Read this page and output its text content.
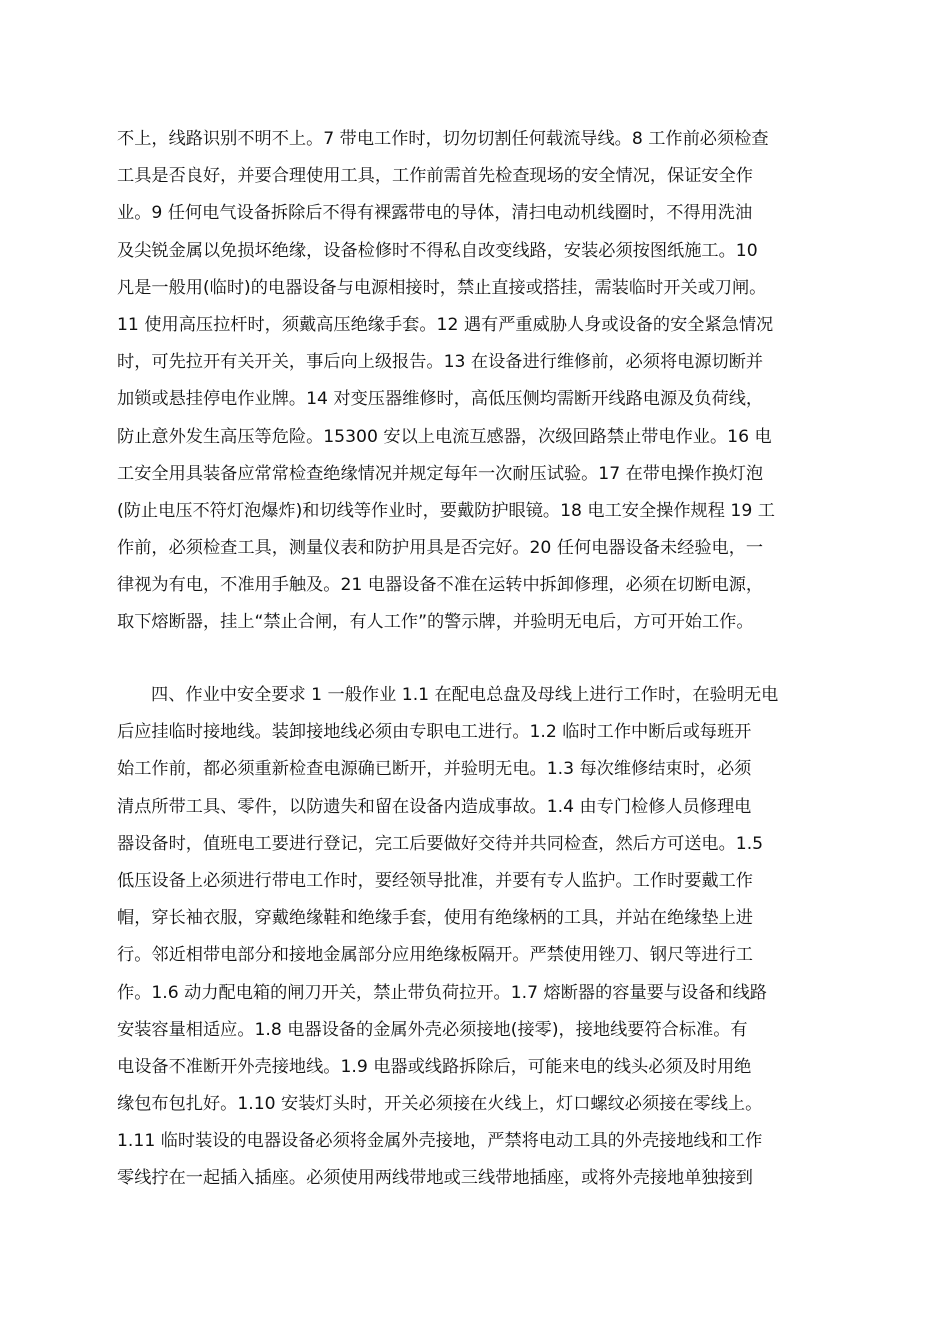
不上，线路识别不明不上。7 带电工作时，切勿切割任何载流导线。8 工作前必须检查
工具是否良好，并要合理使用工具，工作前需首先检查现场的安全情况，保证安全作
业。9 任何电气设备拆除后不得有裸露带电的导体，清扫电动机线圈时，不得用洗油
及尖锐金属以免损坏绝缘，设备检修时不得私自改变线路，安装必须按图纸施工。10
凡是一般用(临时)的电器设备与电源相接时，禁止直接或搭挂，需装临时开关或刀闸。
11 使用高压拉杆时，须戴高压绝缘手套。12 遇有严重威胁人身或设备的安全紧急情况
时，可先拉开有关开关，事后向上级报告。13 在设备进行维修前，必须将电源切断并
加锁或悬挂停电作业牌。14 对变压器维修时，高低压侧均需断开线路电源及负荷线，
防止意外发生高压等危险。15300 安以上电流互感器，次级回路禁止带电作业。16 电
工安全用具装备应常常检查绝缘情况并规定每年一次耐压试验。17 在带电操作换灯泡
(防止电压不符灯泡爆炸)和切线等作业时，要戴防护眼镜。18 电工安全操作规程 19 工
作前，必须检查工具，测量仪表和防护用具是否完好。20 任何电器设备未经验电，一
律视为有电，不准用手触及。21 电器设备不准在运转中拆卸修理，必须在切断电源，
取下熔断器，挂上“禁止合闸，有人工作”的警示牌，并验明无电后，方可开始工作。
四、作业中安全要求 1 一般作业 1.1 在配电总盘及母线上进行工作时，在验明无电
后应挂临时接地线。装卸接地线必须由专职电工进行。1.2 临时工作中断后或每班开
始工作前，都必须重新检查电源确已断开，并验明无电。1.3 每次维修结束时，必须
清点所带工具、零件，以防遗失和留在设备内造成事故。1.4 由专门检修人员修理电
器设备时，值班电工要进行登记，完工后要做好交待并共同检查，然后方可送电。1.5
低压设备上必须进行带电工作时，要经领导批准，并要有专人监护。工作时要戴工作
帽，穿长袖衣服，穿戴绝缘鞋和绝缘手套，使用有绝缘柄的工具，并站在绝缘垫上进
行。邻近相带电部分和接地金属部分应用绝缘板隔开。严禁使用锉刀、钢尺等进行工
作。1.6 动力配电箱的闸刀开关，禁止带负荷拉开。1.7 熔断器的容量要与设备和线路
安装容量相适应。1.8 电器设备的金属外壳必须接地(接零)，接地线要符合标准。有
电设备不准断开外壳接地线。1.9 电器或线路拆除后，可能来电的线头必须及时用绝
缘包布包扎好。1.10 安装灯头时，开关必须接在火线上，灯口螺纹必须接在零线上。
1.11 临时装设的电器设备必须将金属外壳接地，严禁将电动工具的外壳接地线和工作
零线拧在一起插入插座。必须使用两线带地或三线带地插座，或将外壳接地单独接到
